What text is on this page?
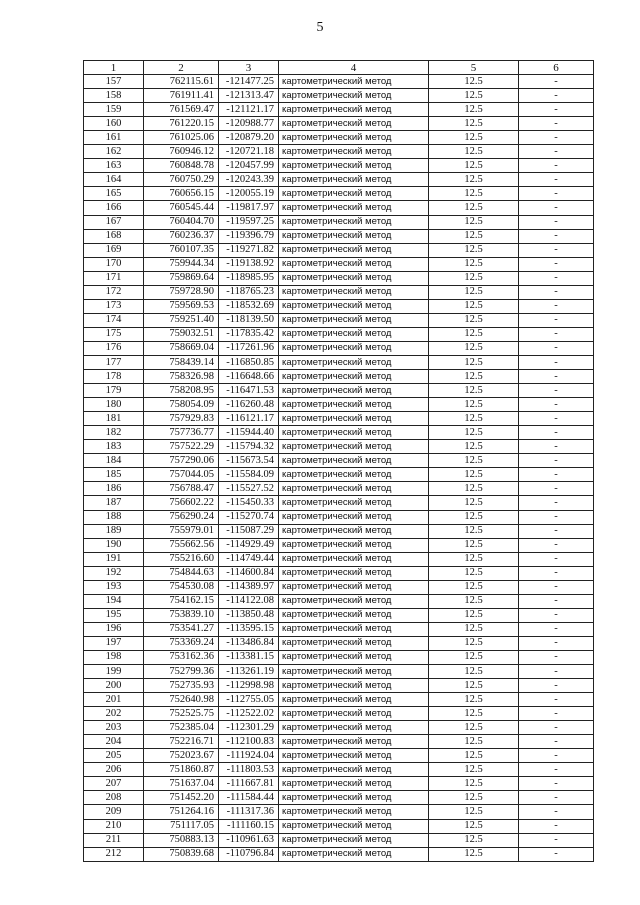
5
1	2	3	4	5	6
157	762115.61	-121477.25	картометрический метод	12.5	-
158	761911.41	-121313.47	картометрический метод	12.5	-
159	761569.47	-121121.17	картометрический метод	12.5	-
160	761220.15	-120988.77	картометрический метод	12.5	-
161	761025.06	-120879.20	картометрический метод	12.5	-
162	760946.12	-120721.18	картометрический метод	12.5	-
163	760848.78	-120457.99	картометрический метод	12.5	-
164	760750.29	-120243.39	картометрический метод	12.5	-
165	760656.15	-120055.19	картометрический метод	12.5	-
166	760545.44	-119817.97	картометрический метод	12.5	-
167	760404.70	-119597.25	картометрический метод	12.5	-
168	760236.37	-119396.79	картометрический метод	12.5	-
169	760107.35	-119271.82	картометрический метод	12.5	-
170	759944.34	-119138.92	картометрический метод	12.5	-
171	759869.64	-118985.95	картометрический метод	12.5	-
172	759728.90	-118765.23	картометрический метод	12.5	-
173	759569.53	-118532.69	картометрический метод	12.5	-
174	759251.40	-118139.50	картометрический метод	12.5	-
175	759032.51	-117835.42	картометрический метод	12.5	-
176	758669.04	-117261.96	картометрический метод	12.5	-
177	758439.14	-116850.85	картометрический метод	12.5	-
178	758326.98	-116648.66	картометрический метод	12.5	-
179	758208.95	-116471.53	картометрический метод	12.5	-
180	758054.09	-116260.48	картометрический метод	12.5	-
181	757929.83	-116121.17	картометрический метод	12.5	-
182	757736.77	-115944.40	картометрический метод	12.5	-
183	757522.29	-115794.32	картометрический метод	12.5	-
184	757290.06	-115673.54	картометрический метод	12.5	-
185	757044.05	-115584.09	картометрический метод	12.5	-
186	756788.47	-115527.52	картометрический метод	12.5	-
187	756602.22	-115450.33	картометрический метод	12.5	-
188	756290.24	-115270.74	картометрический метод	12.5	-
189	755979.01	-115087.29	картометрический метод	12.5	-
190	755662.56	-114929.49	картометрический метод	12.5	-
191	755216.60	-114749.44	картометрический метод	12.5	-
192	754844.63	-114600.84	картометрический метод	12.5	-
193	754530.08	-114389.97	картометрический метод	12.5	-
194	754162.15	-114122.08	картометрический метод	12.5	-
195	753839.10	-113850.48	картометрический метод	12.5	-
196	753541.27	-113595.15	картометрический метод	12.5	-
197	753369.24	-113486.84	картометрический метод	12.5	-
198	753162.36	-113381.15	картометрический метод	12.5	-
199	752799.36	-113261.19	картометрический метод	12.5	-
200	752735.93	-112998.98	картометрический метод	12.5	-
201	752640.98	-112755.05	картометрический метод	12.5	-
202	752525.75	-112522.02	картометрический метод	12.5	-
203	752385.04	-112301.29	картометрический метод	12.5	-
204	752216.71	-112100.83	картометрический метод	12.5	-
205	752023.67	-111924.04	картометрический метод	12.5	-
206	751860.87	-111803.53	картометрический метод	12.5	-
207	751637.04	-111667.81	картометрический метод	12.5	-
208	751452.20	-111584.44	картометрический метод	12.5	-
209	751264.16	-111317.36	картометрический метод	12.5	-
210	751117.05	-111160.15	картометрический метод	12.5	-
211	750883.13	-110961.63	картометрический метод	12.5	-
212	750839.68	-110796.84	картометрический метод	12.5	-
